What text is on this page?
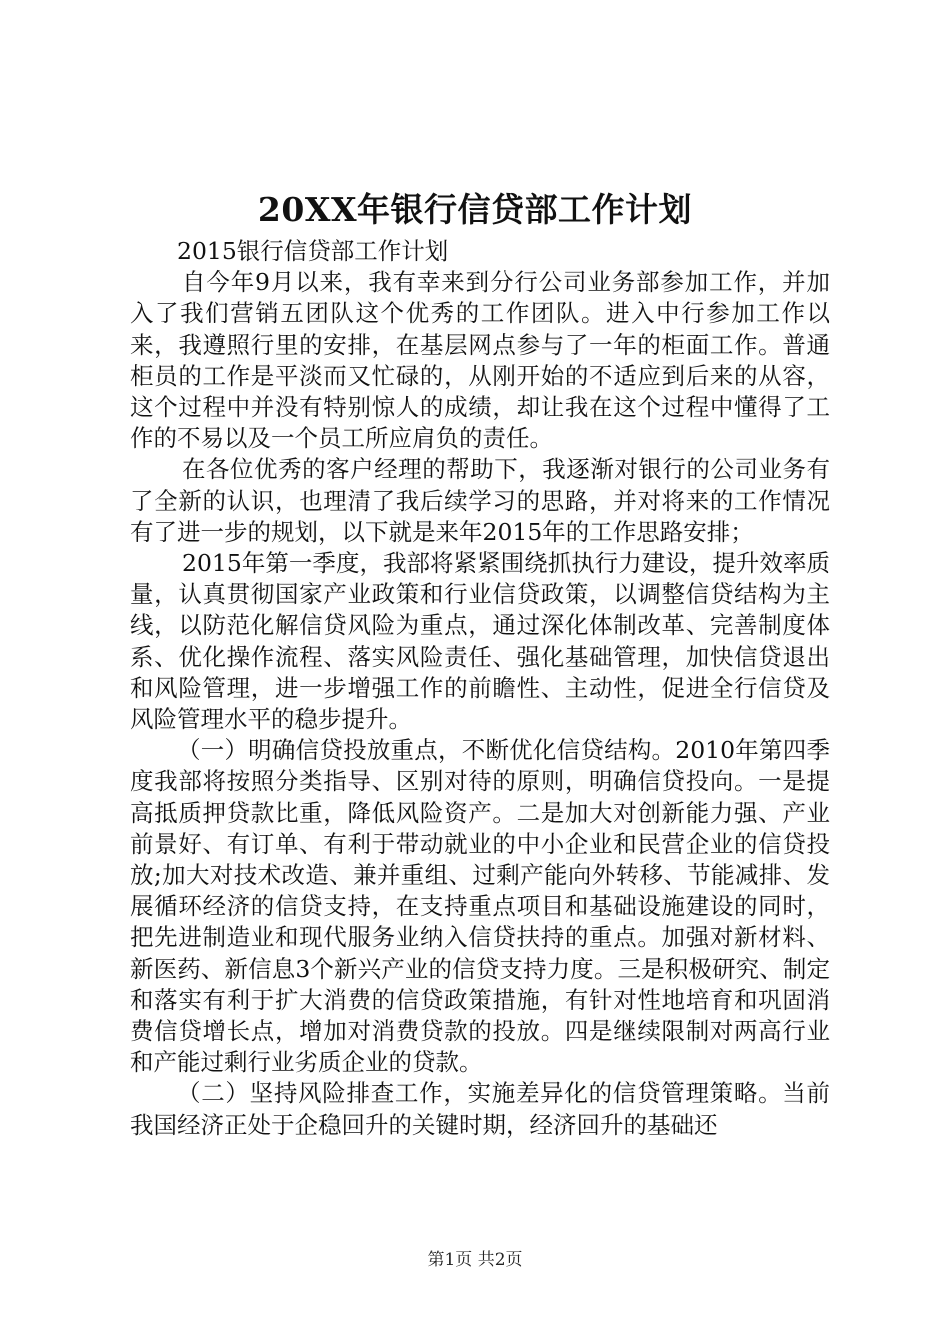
20XX年银行信贷部工作计划

2015银行信贷部工作计划

自今年9月以来，我有幸来到分行公司业务部参加工作，并加入了我们营销五团队这个优秀的工作团队。进入中行参加工作以来，我遵照行里的安排，在基层网点参与了一年的柜面工作。普通柜员的工作是平淡而又忙碌的，从刚开始的不适应到后来的从容，这个过程中并没有特别惊人的成绩，却让我在这个过程中懂得了工作的不易以及一个员工所应肩负的责任。

在各位优秀的客户经理的帮助下，我逐渐对银行的公司业务有了全新的认识，也理清了我后续学习的思路，并对将来的工作情况有了进一步的规划，以下就是来年2015年的工作思路安排；

2015年第一季度，我部将紧紧围绕抓执行力建设，提升效率质量，认真贯彻国家产业政策和行业信贷政策，以调整信贷结构为主线，以防范化解信贷风险为重点，通过深化体制改革、完善制度体系、优化操作流程、落实风险责任、强化基础管理，加快信贷退出和风险管理，进一步增强工作的前瞻性、主动性，促进全行信贷及风险管理水平的稳步提升。

（一）明确信贷投放重点，不断优化信贷结构。2010年第四季度我部将按照分类指导、区别对待的原则，明确信贷投向。一是提高抵质押贷款比重，降低风险资产。二是加大对创新能力强、产业前景好、有订单、有利于带动就业的中小企业和民营企业的信贷投放;加大对技术改造、兼并重组、过剩产能向外转移、节能减排、发展循环经济的信贷支持，在支持重点项目和基础设施建设的同时，把先进制造业和现代服务业纳入信贷扶持的重点。加强对新材料、新医药、新信息3个新兴产业的信贷支持力度。三是积极研究、制定和落实有利于扩大消费的信贷政策措施，有针对性地培育和巩固消费信贷增长点，增加对消费贷款的投放。四是继续限制对两高行业和产能过剩行业劣质企业的贷款。

（二）坚持风险排查工作，实施差异化的信贷管理策略。当前我国经济正处于企稳回升的关键时期，经济回升的基础还

第1页 共2页
